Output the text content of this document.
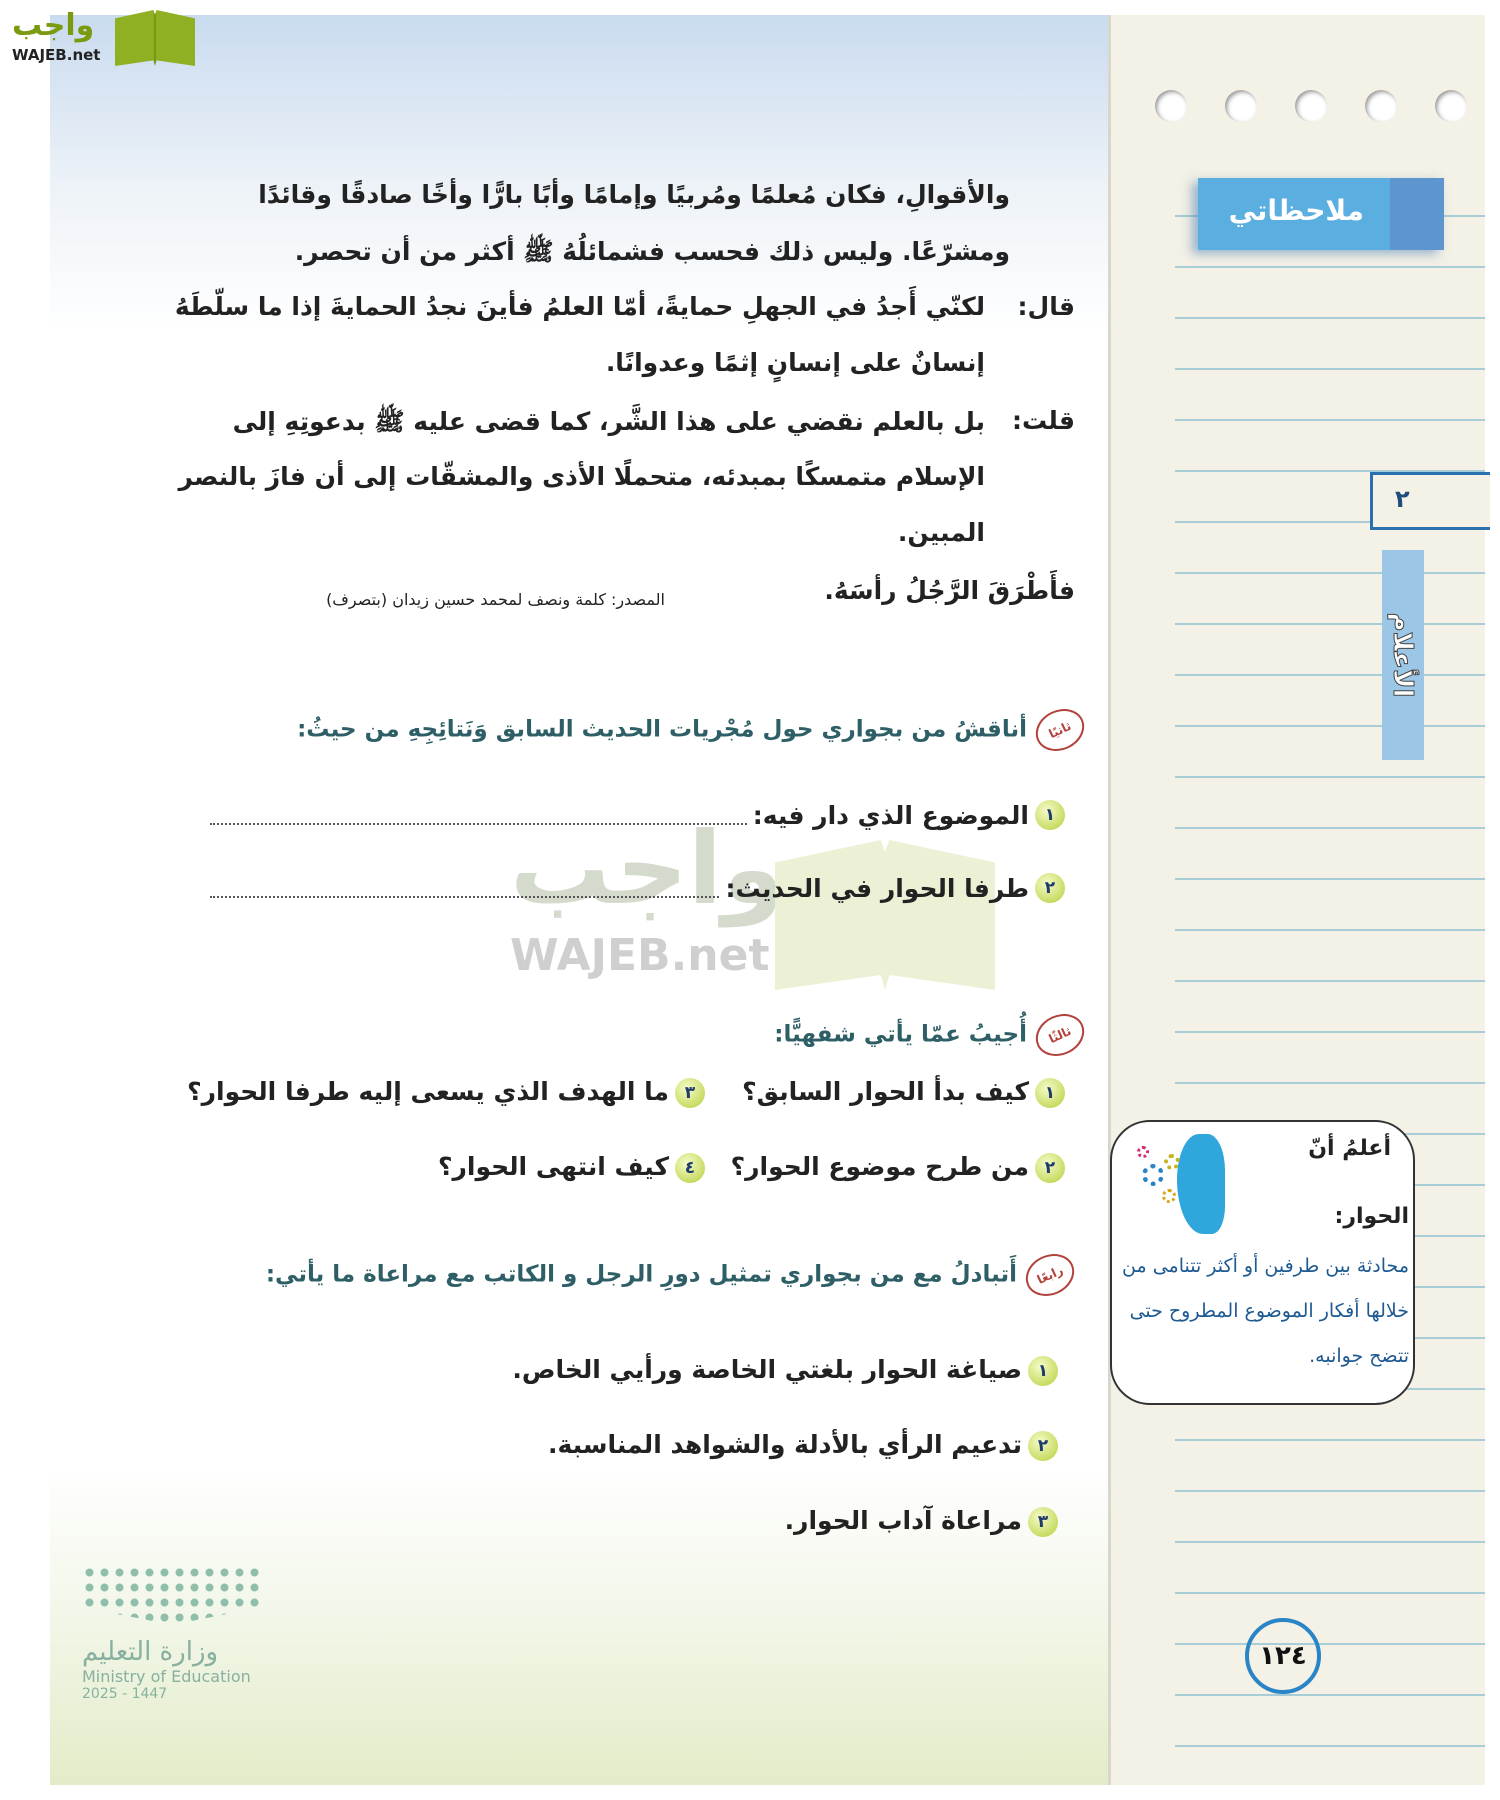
واجب
WAJEB.net
ملاحظاتي
٢
الأعلام
والأقوالِ، فكان مُعلمًا ومُربيًا وإمامًا وأبًا بارًّا وأخًا صادقًا وقائدًا
ومشرّعًا. وليس ذلك فحسب فشمائلُهُ ﷺ أكثر من أن تحصر.
قال:
لكنّي أَجدُ في الجهلِ حمايةً، أمّا العلمُ فأينَ نجدُ الحمايةَ إذا ما سلّطَهُ
إنسانٌ على إنسانٍ إثمًا وعدوانًا.
قلت:
بل بالعلم نقضي على هذا الشَّر، كما قضى عليه ﷺ بدعوتِهِ إلى
الإسلام متمسكًا بمبدئه، متحملًا الأذى والمشقّات إلى أن فازَ بالنصر
المبين.
فأَطْرَقَ الرَّجُلُ رأسَهُ.
المصدر: كلمة ونصف لمحمد حسين زيدان (بتصرف)
واجب
WAJEB.net
ثانيًاأناقشُ من بجواري حول مُجْريات الحديث السابق وَنَتائِجِهِ من حيثُ:
١
الموضوع الذي دار فيه:
٢
طرفا الحوار في الحديث:
ثالثًاأُجيبُ عمّا يأتي شفهيًّا:
١كيف بدأ الحوار السابق؟
٣ما الهدف الذي يسعى إليه طرفا الحوار؟
٢من طرح موضوع الحوار؟
٤كيف انتهى الحوار؟
رابعًاأَتبادلُ مع من بجواري تمثيل دورِ الرجل و الكاتب مع مراعاة ما يأتي:
١صياغة الحوار بلغتي الخاصة ورأيي الخاص.
٢تدعيم الرأي بالأدلة والشواهد المناسبة.
٣مراعاة آداب الحوار.
أعلمُ أنّ
الحوار:
محادثة بين طرفين أو أكثر تتنامى من خلالها أفكار الموضوع المطروح حتى تتضح جوانبه.
١٢٤
وزارة التعليم
Ministry of Education
2025 - 1447
